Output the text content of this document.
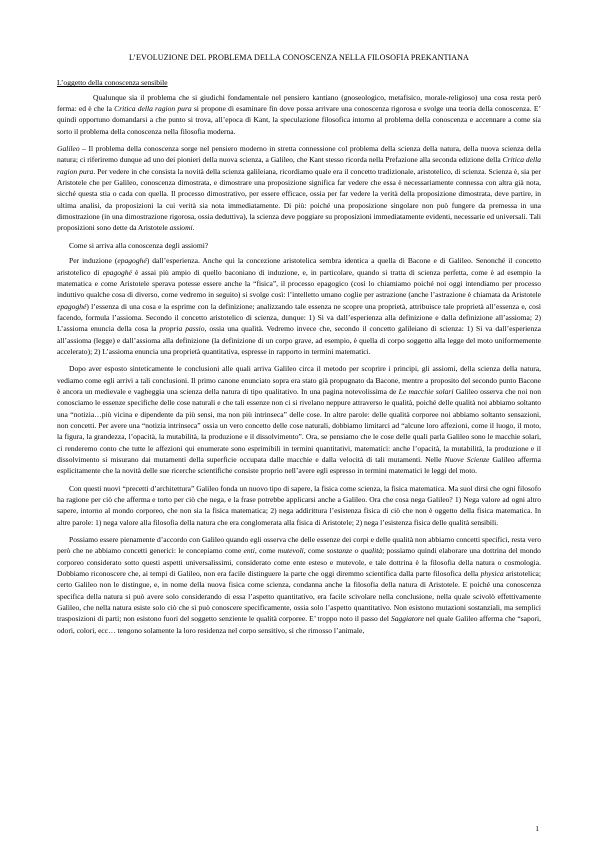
L’EVOLUZIONE DEL PROBLEMA DELLA CONOSCENZA NELLA FILOSOFIA PREKANTIANA
L’oggetto della conoscenza sensibile

Qualunque sia il problema che si giudichi fondamentale nel pensiero kantiano (gnoseologico, metafisico, morale-religioso) una cosa resta però ferma: ed è che la Critica della ragion pura si propone di esaminare fin dove possa arrivare una conoscenza rigorosa e svolge una teoria della conoscenza. E’ quindi opportuno domandarsi a che punto si trova, all’epoca di Kant, la speculazione filosofica intorno al problema della conoscenza e accennare a come sia sorto il problema della conoscenza nella filosofia moderna.

Galileo – Il problema della conoscenza sorge nel pensiero moderno in stretta connessione col problema della scienza della natura, della nuova scienza della natura; ci riferiremo dunque ad uno dei pionieri della nuova scienza, a Galileo, che Kant stesso ricorda nella Prefazione alla seconda edizione della Critica della ragion pura. Per vedere in che consista la novità della scienza galileiana, ricordiamo quale era il concetto tradizionale, aristotelico, di scienza. Scienza è, sia per Aristotele che per Galileo, conoscenza dimostrata, e dimostrare una proposizione significa far vedere che essa è necessariamente connessa con altra già nota, sicché questa stia o cada con quella. Il processo dimostrativo, per essere efficace, ossia per far vedere la verità della proposizione dimostrata, deve partire, in ultima analisi, da proposizioni la cui verità sia nota immediatamente. Di più: poiché una proposizione singolare non può fungere da premessa in una dimostrazione (in una dimostrazione rigorosa, ossia deduttiva), la scienza deve poggiare su proposizioni immediatamente evidenti, necessarie ed universali. Tali proposizioni sono dette da Aristotele assiomi.

Come si arriva alla conoscenza degli assiomi?

Per induzione (epagoghé) dall’esperienza. Anche qui la concezione aristotelica sembra identica a quella di Bacone e di Galileo. Senonché il concetto aristotelico di epagoghé è assai più ampio di quello baconiano di induzione, e, in particolare, quando si tratta di scienza perfetta, come è ad esempio la matematica e come Aristotele sperava potesse essere anche la “fisica”, il processo epagogico (così lo chiamiamo poiché noi oggi intendiamo per processo induttivo qualche cosa di diverso, come vedremo in seguito) si svolge così: l’intelletto umano coglie per astrazione (anche l’astrazione è chiamata da Aristotele epagoghé) l’essenza di una cosa e la esprime con la definizione; analizzando tale essenza ne scopre una proprietà, attribuisce tale proprietà all’essenza e, così facendo, formula l’assioma. Secondo il concetto aristotelico di scienza, dunque: 1) Si va dall’esperienza alla definizione e dalla definizione all’assioma; 2) L’assioma enuncia della cosa la propria passio, ossia una qualità. Vedremo invece che, secondo il concetto galileiano di scienza: 1) Si va dall’esperienza all’assioma (legge) e dall’assioma alla definizione (la definizione di un corpo grave, ad esempio, è quella di corpo soggetto alla legge del moto uniformemente accelerato); 2) L’assioma enuncia una proprietà quantitativa, espresse in rapporto in termini matematici.

Dopo aver esposto sinteticamente le conclusioni alle quali arriva Galileo circa il metodo per scoprire i principi, gli assiomi, della scienza della natura, vediamo come egli arrivi a tali conclusioni. Il primo canone enunciato sopra era stato già propugnato da Bacone, mentre a proposito del secondo punto Bacone è ancora un medievale e vagheggia una scienza della natura di tipo qualitativo. In una pagina notevolissima de Le macchie solari Galileo osserva che noi non conosciamo le essenze specifiche delle cose naturali e che tali essenze non ci si rivelano neppure attraverso le qualità, poiché delle qualità noi abbiamo soltanto una “notizia…più vicina e dipendente da più sensi, ma non più intrinseca” delle cose. In altre parole: delle qualità corporee noi abbiamo soltanto sensazioni, non concetti. Per avere una “notizia intrinseca” ossia un vero concetto delle cose naturali, dobbiamo limitarci ad “alcune loro affezioni, come il luogo, il moto, la figura, la grandezza, l’opacità, la mutabilità, la produzione e il dissolvimento”. Ora, se pensiamo che le cose delle quali parla Galileo sono le macchie solari, ci renderemo conto che tutte le affezioni qui enumerate sono esprimibili in termini quantitativi, matematici: anche l’opacità, la mutabilità, la produzione e il dissolvimento si misurano dai mutamenti della superficie occupata dalle macchie e dalla velocità di tali mutamenti. Nelle Nuove Scienze Galileo afferma esplicitamente che la novità delle sue ricerche scientifiche consiste proprio nell’avere egli espresso in termini matematici le leggi del moto.

Con questi nuovi “precetti d’architettura” Galileo fonda un nuovo tipo di sapere, la fisica come scienza, la fisica matematica. Ma suol dirsi che ogni filosofo ha ragione per ciò che afferma e torto per ciò che nega, e la frase potrebbe applicarsi anche a Galileo. Ora che cosa nega Galileo? 1) Nega valore ad ogni altro sapere, intorno al mondo corporeo, che non sia la fisica matematica; 2) nega addirittura l’esistenza fisica di ciò che non è oggetto della fisica matematica. In altre parole: 1) nega valore alla filosofia della natura che era conglomerata alla fisica di Aristotele; 2) nega l’esistenza fisica delle qualità sensibili.

Possiamo essere pienamente d’accordo con Galileo quando egli osserva che delle essenze dei corpi e delle qualità non abbiamo concetti specifici, resta vero però che ne abbiamo concetti generici: le concepiamo come enti, come mutevoli, come sostanze o qualità; possiamo quindi elaborare una dottrina del mondo corporeo considerato sotto questi aspetti universalissimi, considerato come ente esteso e mutevole, e tale dottrina è la filosofia della natura o cosmologia. Dobbiamo riconoscere che, ai tempi di Galileo, non era facile distinguere la parte che oggi diremmo scientifica dalla parte filosofica della physica aristotelica; certo Galileo non le distingue, e, in nome della nuova fisica come scienza, condanna anche la filosofia della natura di Aristotele. E poiché una conoscenza specifica della natura si può avere solo considerando di essa l’aspetto quantitativo, era facile scivolare nella conclusione, nella quale scivolò effettivamente Galileo, che nella natura esiste solo ciò che si può conoscere specificamente, ossia solo l’aspetto quantitativo. Non esistono mutazioni sostanziali, ma semplici trasposizioni di parti; non esistono fuori del soggetto senziente le qualità corporee. E’ troppo noto il passo del Saggiatore nel quale Galileo afferma che “sapori, odori, colori, ecc… tengono solamente la loro residenza nel corpo sensitivo, sì che rimosso l’animale,

1
